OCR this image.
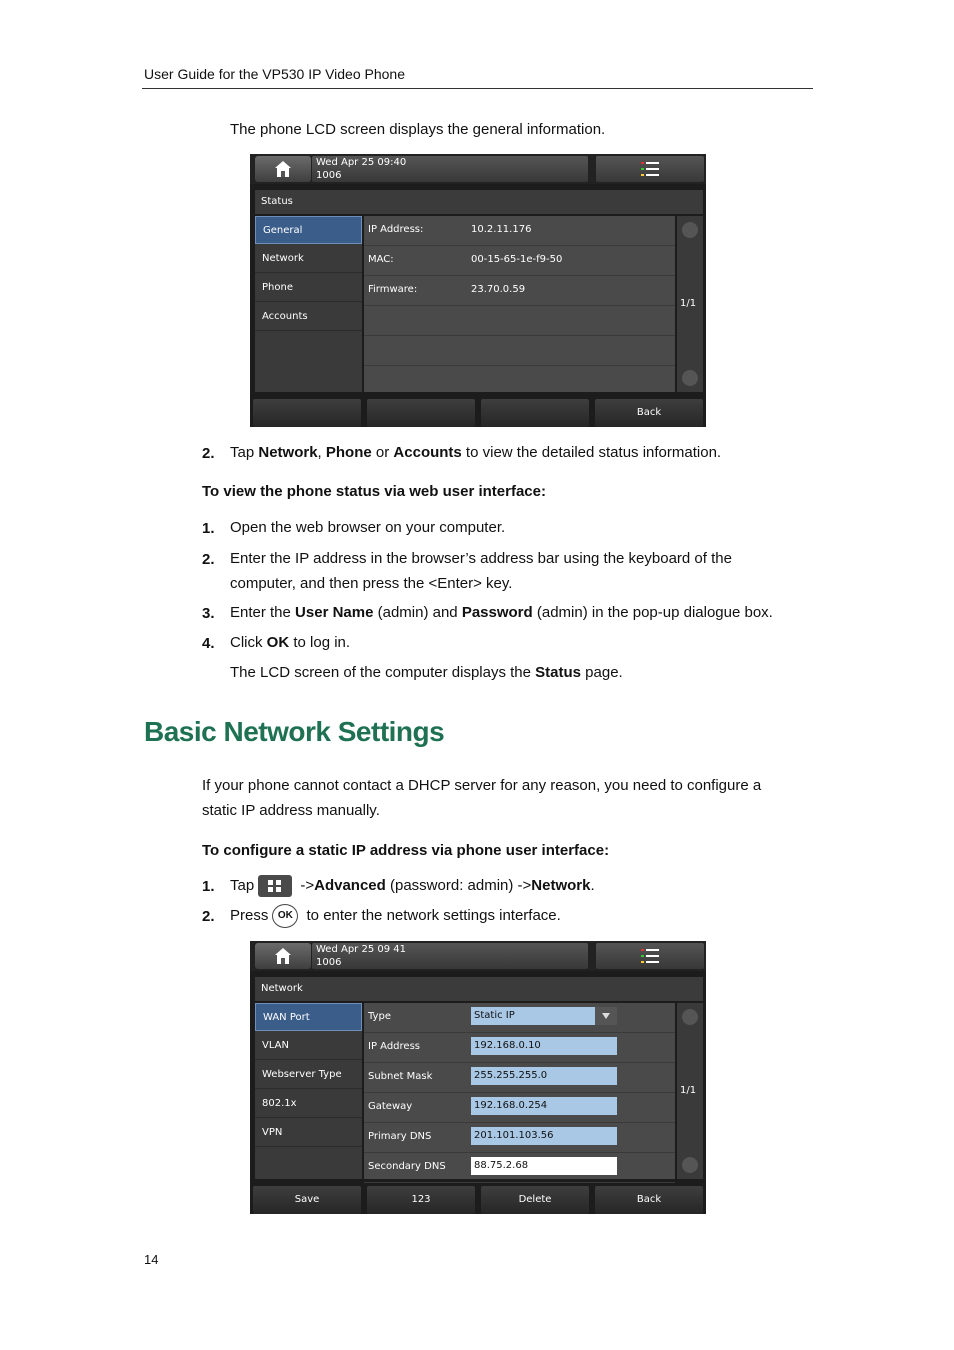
User Guide for the VP530 IP Video Phone
The phone LCD screen displays the general information.
Wed Apr 25 09:40
1006
Status
General
Network
Phone
Accounts
IP Address:	10.2.11.176
MAC:	00-15-65-1e-f9-50
Firmware:	23.70.0.59
1/1
Back
2. Tap Network, Phone or Accounts to view the detailed status information.
To view the phone status via web user interface:
1. Open the web browser on your computer.
2. Enter the IP address in the browser’s address bar using the keyboard of the
computer, and then press the <Enter> key.
3. Enter the User Name (admin) and Password (admin) in the pop-up dialogue box.
4. Click OK to log in.
The LCD screen of the computer displays the Status page.
Basic Network Settings
If your phone cannot contact a DHCP server for any reason, you need to configure a
static IP address manually.
To configure a static IP address via phone user interface:
1. Tap	->Advanced (password: admin) ->Network.
2. Press OK to enter the network settings interface.
Wed Apr 25 09 41
1006
Network
WAN Port
VLAN
Webserver Type
802.1x
VPN
Type	Static IP
IP Address	192.168.0.10
Subnet Mask	255.255.255.0
Gateway	192.168.0.254
Primary DNS	201.101.103.56
Secondary DNS	88.75.2.68
1/1
Save	123	Delete	Back
14
